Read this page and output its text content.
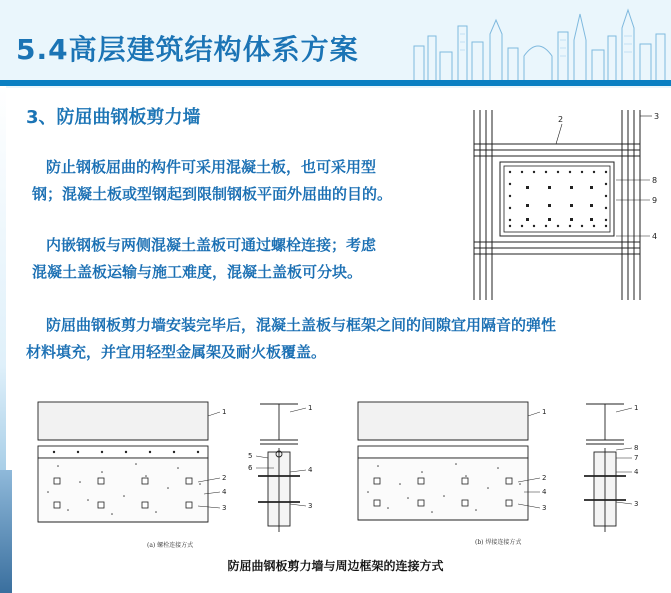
5.4高层建筑结构体系方案
3、防屈曲钢板剪力墙
防止钢板屈曲的构件可采用混凝土板，也可采用型
钢；混凝土板或型钢起到限制钢板平面外屈曲的目的。
内嵌钢板与两侧混凝土盖板可通过螺栓连接；考虑
混凝土盖板运输与施工难度，混凝土盖板可分块。
防屈曲钢板剪力墙安装完毕后，混凝土盖板与框架之间的间隙宜用隔音的弹性
材料填充，并宜用轻型金属架及耐火板覆盖。
2	3
8
9
4
1
2
4
3
1
5
6	4
3
1
2
4
3
1
8
7
4
3
(a) 螺栓连接方式	(b) 焊接连接方式
防屈曲钢板剪力墙与周边框架的连接方式
